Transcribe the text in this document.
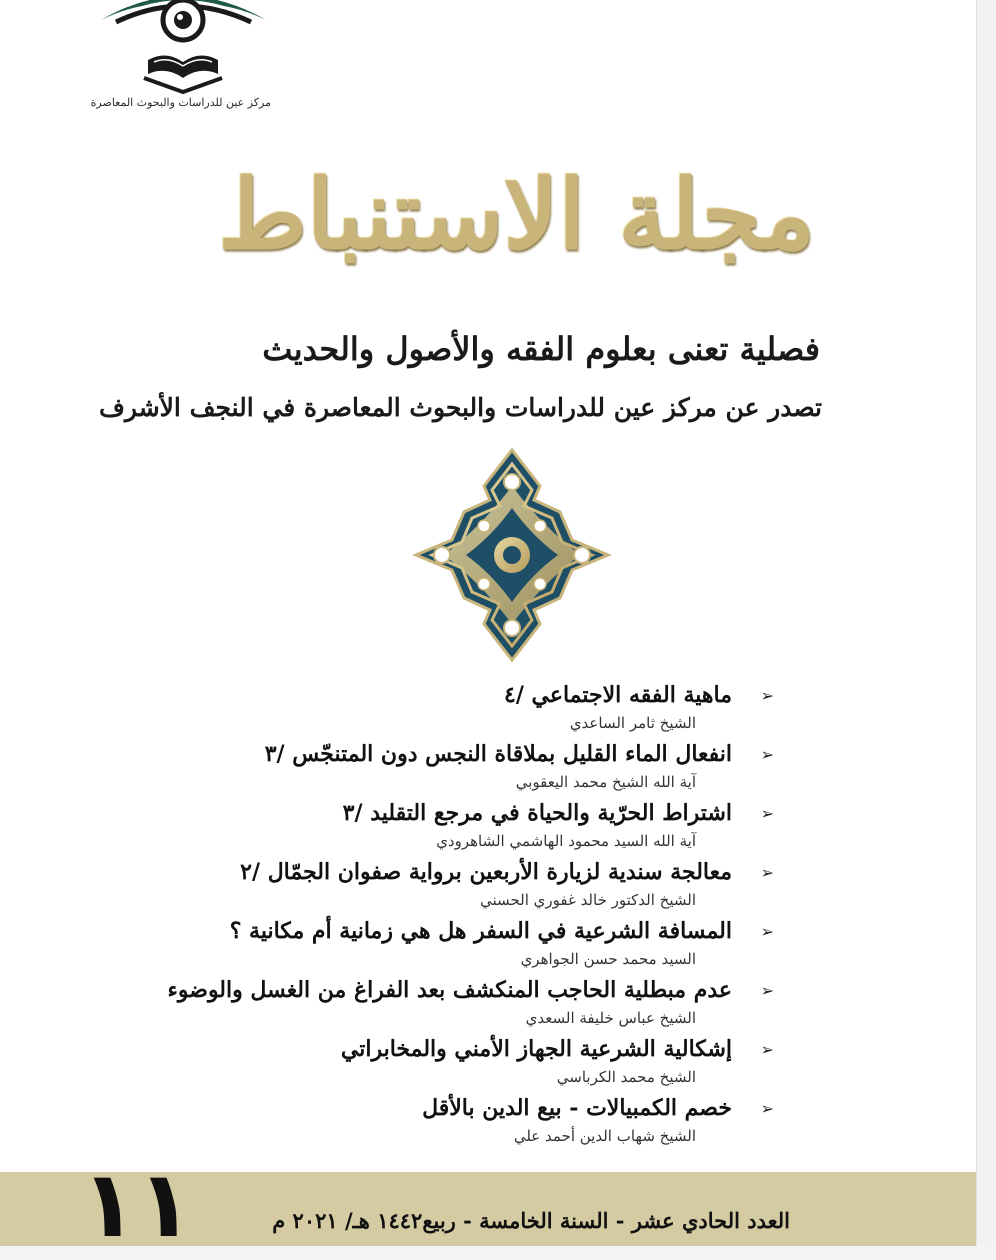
مركز عين للدراسات والبحوث المعاصرة
مجلة الاستنباط
فصلية تعنى بعلوم الفقه والأصول والحديث
تصدر عن مركز عين للدراسات والبحوث المعاصرة في النجف الأشرف
➢
ماهية الفقه الاجتماعي /٤
الشيخ ثامر الساعدي
➢
انفعال الماء القليل بملاقاة النجس دون المتنجّس /٣
آية الله الشيخ محمد اليعقوبي
➢
اشتراط الحرّية والحياة في مرجع التقليد /٣
آية الله السيد محمود الهاشمي الشاهرودي
➢
معالجة سندية لزيارة الأربعين برواية صفوان الجمّال /٢
الشيخ الدكتور خالد غفوري الحسني
➢
المسافة الشرعية في السفر هل هي زمانية أم مكانية ؟
السيد محمد حسن الجواهري
➢
عدم مبطلية الحاجب المنكشف بعد الفراغ من الغسل والوضوء
الشيخ عباس خليفة السعدي
➢
إشكالية الشرعية الجهاز الأمني والمخابراتي
الشيخ محمد الكرباسي
➢
خصم الكمبيالات - بيع الدين بالأقل
الشيخ شهاب الدين أحمد علي
١١	العدد الحادي عشر - السنة الخامسة - ربيع١٤٤٢ هـ/ ٢٠٢١ م
